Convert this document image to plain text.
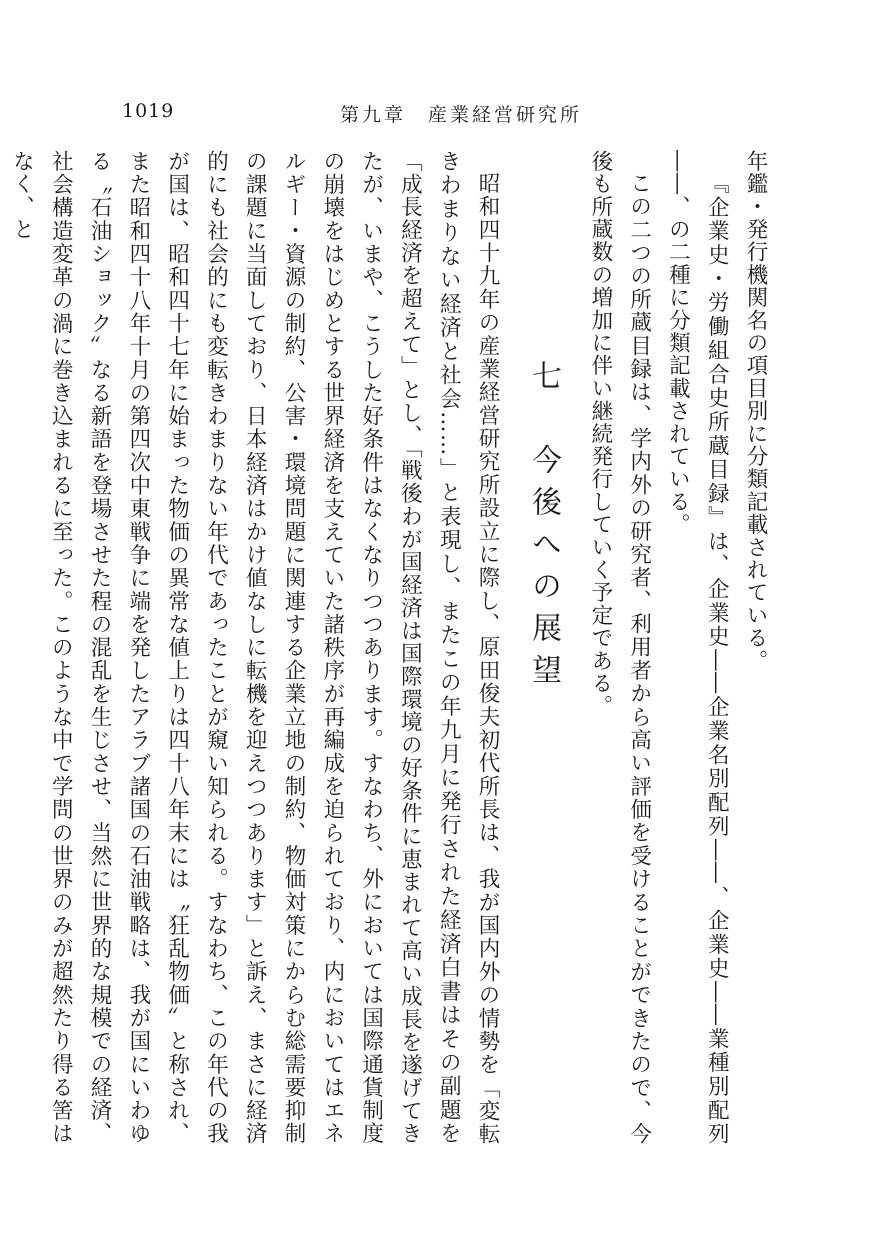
1019	第九章　産業経営研究所

年鑑・発行機関名の項目別に分類記載されている。

『企業史・労働組合史所蔵目録』は、企業史――企業名別配列――、企業史――業種別配列――、の二種に分類記載されている。

この二つの所蔵目録は、学内外の研究者、利用者から高い評価を受けることができたので、今後も所蔵数の増加に伴い継続発行していく予定である。

七　今後への展望

昭和四十九年の産業経営研究所設立に際し、原田俊夫初代所長は、我が国内外の情勢を「変転きわまりない経済と社会……」と表現し、またこの年九月に発行された経済白書はその副題を「成長経済を超えて」とし、「戦後わが国経済は国際環境の好条件に恵まれて高い成長を遂げてきたが、いまや、こうした好条件はなくなりつつあります。すなわち、外においては国際通貨制度の崩壊をはじめとする世界経済を支えていた諸秩序が再編成を迫られており、内においてはエネルギー・資源の制約、公害・環境問題に関連する企業立地の制約、物価対策にからむ総需要抑制の課題に当面しており、日本経済はかけ値なしに転機を迎えつつあります」と訴え、まさに経済的にも社会的にも変転きわまりない年代であったことが窺い知られる。すなわち、この年代の我が国は、昭和四十七年に始まった物価の異常な値上りは四十八年末には〝狂乱物価〟と称され、また昭和四十八年十月の第四次中東戦争に端を発したアラブ諸国の石油戦略は、我が国にいわゆる〝石油ショック〟なる新語を登場させた程の混乱を生じさせ、当然に世界的な規模での経済、社会構造変革の渦に巻き込まれるに至った。このような中で学問の世界のみが超然たり得る筈はなく、と
